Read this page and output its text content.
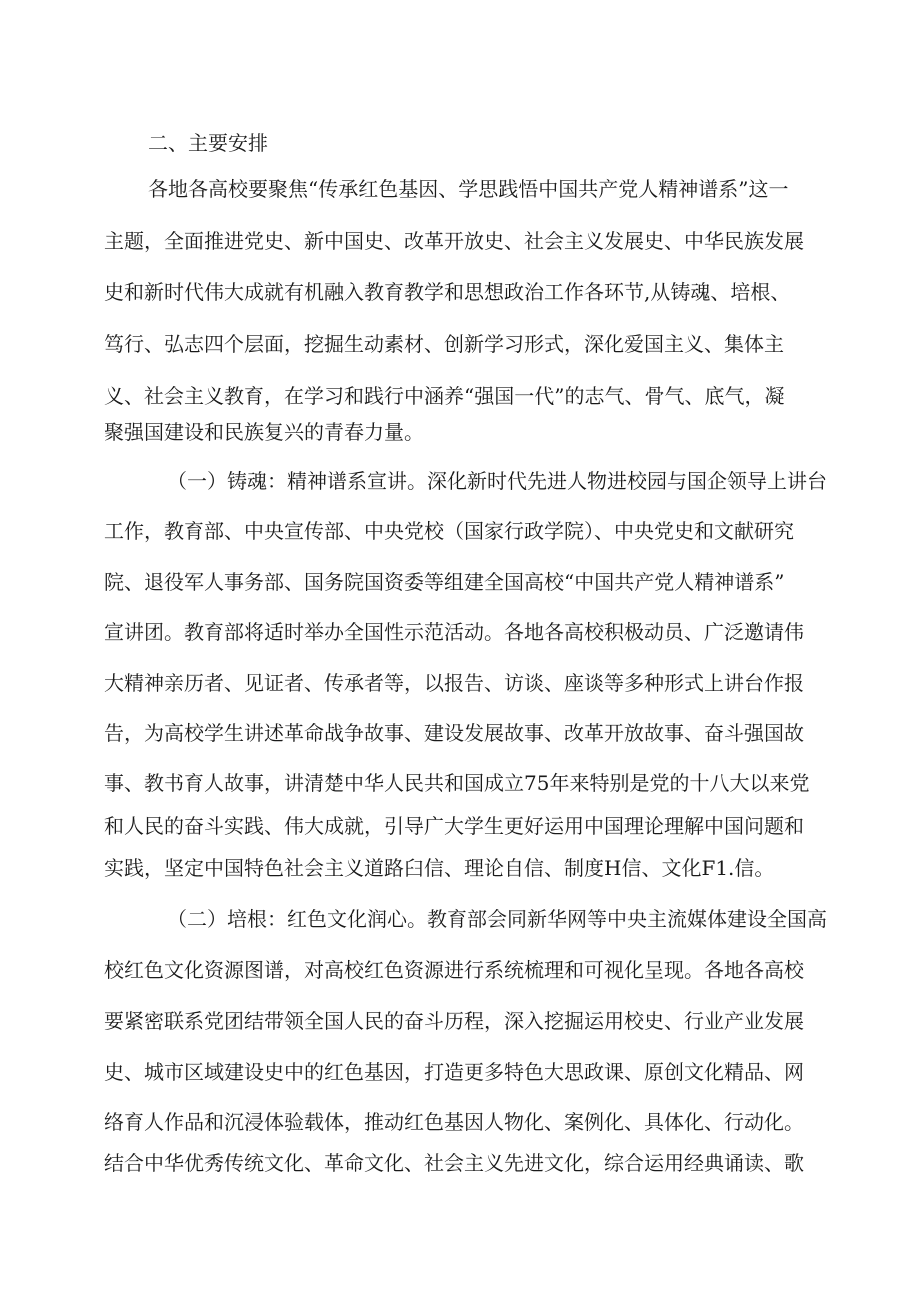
二、主要安排

各地各高校要聚焦“传承红色基因、学思践悟中国共产党人精神谱系”这一

主题，全面推进党史、新中国史、改革开放史、社会主义发展史、中华民族发展

史和新时代伟大成就有机融入教育教学和思想政治工作各环节,从铸魂、培根、

笃行、弘志四个层面，挖掘生动素材、创新学习形式，深化爱国主义、集体主

义、社会主义教育，在学习和践行中涵养“强国一代”的志气、骨气、底气，凝

聚强国建设和民族复兴的青春力量。

（一）铸魂：精神谱系宣讲。深化新时代先进人物进校园与国企领导上讲台

工作，教育部、中央宣传部、中央党校（国家行政学院）、中央党史和文献研究

院、退役军人事务部、国务院国资委等组建全国高校“中国共产党人精神谱系”

宣讲团。教育部将适时举办全国性示范活动。各地各高校积极动员、广泛邀请伟

大精神亲历者、见证者、传承者等，以报告、访谈、座谈等多种形式上讲台作报

告，为高校学生讲述革命战争故事、建设发展故事、改革开放故事、奋斗强国故

事、教书育人故事，讲清楚中华人民共和国成立75年来特别是党的十八大以来党

和人民的奋斗实践、伟大成就，引导广大学生更好运用中国理论理解中国问题和

实践，坚定中国特色社会主义道路臼信、理论自信、制度H信、文化F1.信。

（二）培根：红色文化润心。教育部会同新华网等中央主流媒体建设全国高

校红色文化资源图谱，对高校红色资源进行系统梳理和可视化呈现。各地各高校

要紧密联系党团结带领全国人民的奋斗历程，深入挖掘运用校史、行业产业发展

史、城市区域建设史中的红色基因，打造更多特色大思政课、原创文化精品、网

络育人作品和沉浸体验载体，推动红色基因人物化、案例化、具体化、行动化。

结合中华优秀传统文化、革命文化、社会主义先进文化，综合运用经典诵读、歌
